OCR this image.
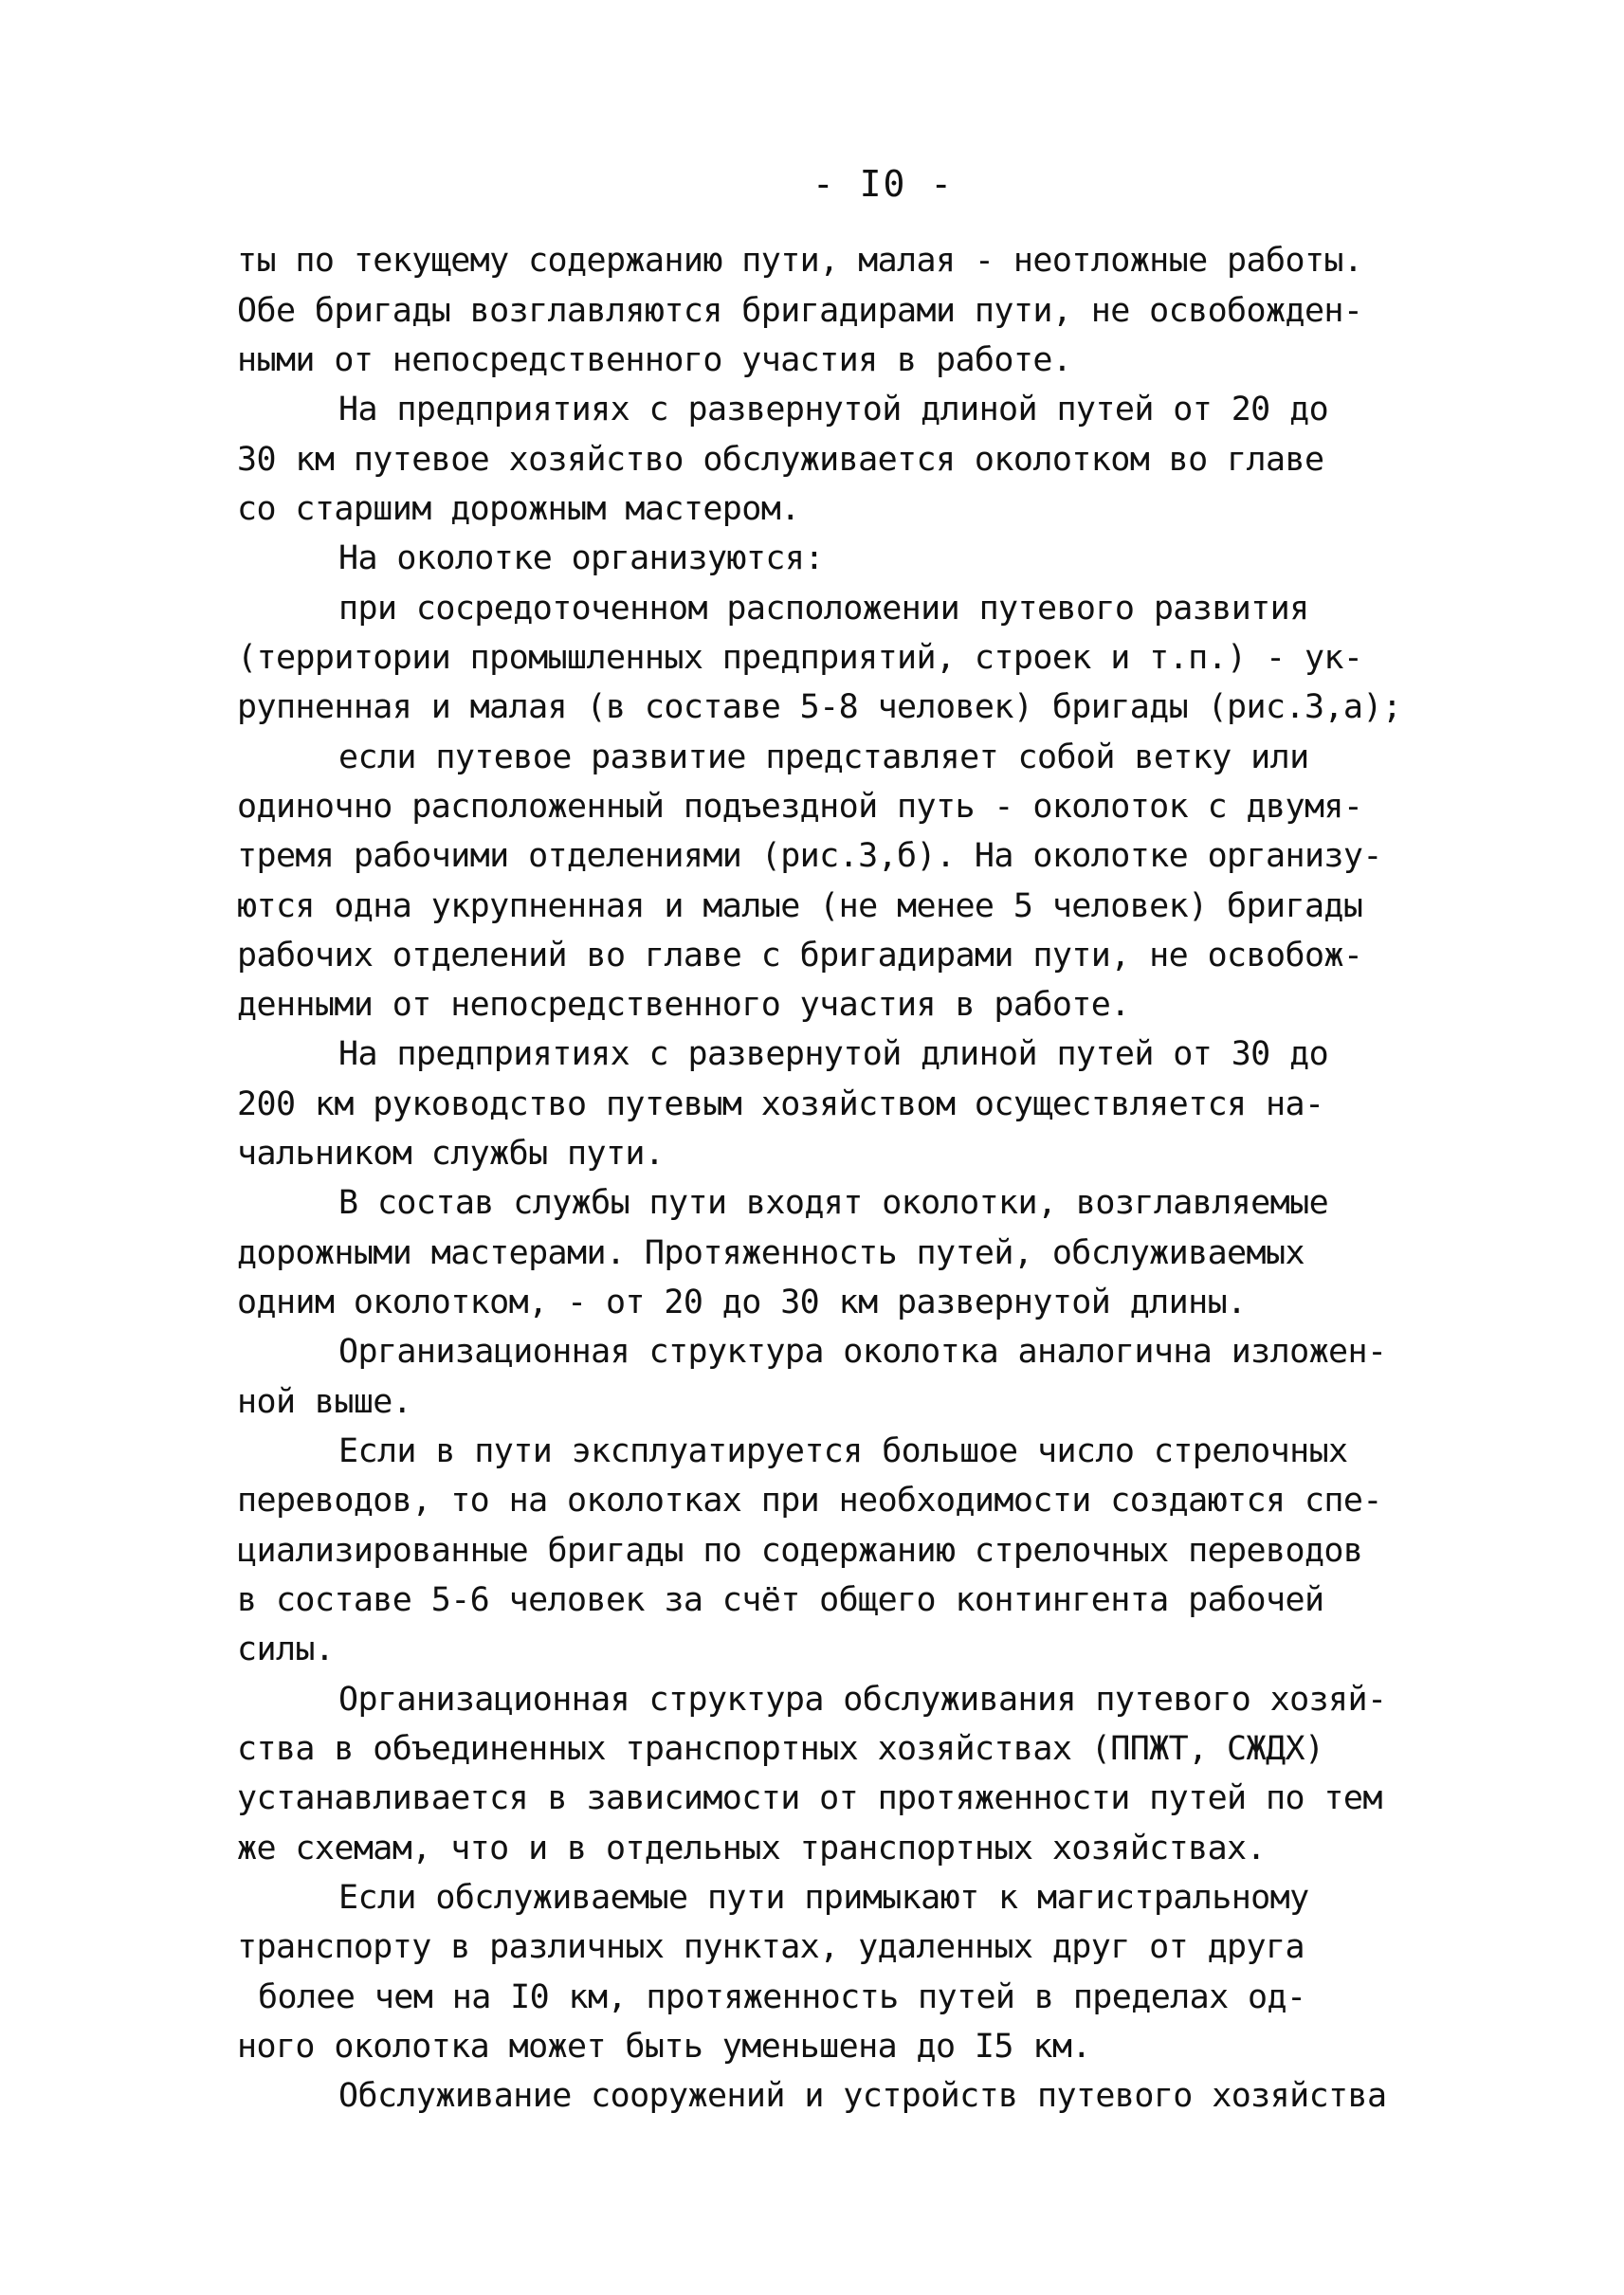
- I0 -
ты по текущему содержанию пути, малая - неотложные работы.
Обе бригады возглавляются бригадирами пути, не освобожден-
ными от непосредственного участия в работе.
На предприятиях с развернутой длиной путей от 20 до
30 км путевое хозяйство обслуживается околотком во главе
со старшим дорожным мастером.
На околотке организуются:
при сосредоточенном расположении путевого развития
(территории промышленных предприятий, строек и т.п.) - ук-
рупненная и малая (в составе 5-8 человек) бригады (рис.3,а);
если путевое развитие представляет собой ветку или
одиночно расположенный подъездной путь - околоток с двумя-
тремя рабочими отделениями (рис.3,б). На околотке организу-
ются одна укрупненная и малые (не менее 5 человек) бригады
рабочих отделений во главе с бригадирами пути, не освобож-
денными от непосредственного участия в работе.
На предприятиях с развернутой длиной путей от 30 до
200 км руководство путевым хозяйством осуществляется на-
чальником службы пути.
В состав службы пути входят околотки, возглавляемые
дорожными мастерами. Протяженность путей, обслуживаемых
одним околотком, - от 20 до 30 км развернутой длины.
Организационная структура околотка аналогична изложен-
ной выше.
Если в пути эксплуатируется большое число стрелочных
переводов, то на околотках при необходимости создаются спе-
циализированные бригады по содержанию стрелочных переводов
в составе 5-6 человек за счёт общего контингента рабочей
силы.
Организационная структура обслуживания путевого хозяй-
ства в объединенных транспортных хозяйствах (ППЖТ, СЖДХ)
устанавливается в зависимости от протяженности путей по тем
же схемам, что и в отдельных транспортных хозяйствах.
Если обслуживаемые пути примыкают к магистральному
транспорту в различных пунктах, удаленных друг от друга
более чем на I0 км, протяженность путей в пределах од-
ного околотка может быть уменьшена до I5 км.
Обслуживание сооружений и устройств путевого хозяйства
